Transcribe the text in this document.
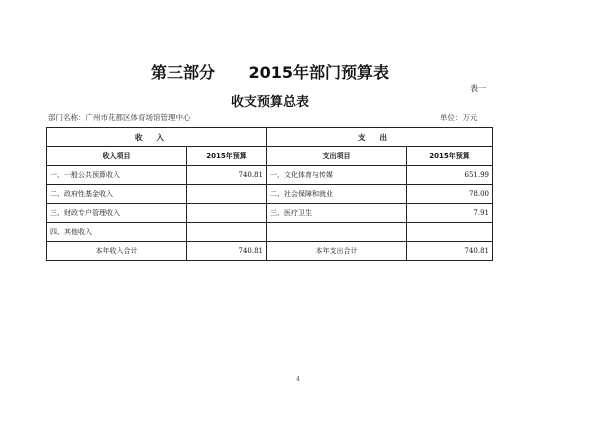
第三部分      2015年部门预算表
表一
收支预算总表
部门名称：广州市花都区体育场馆管理中心	单位：万元
收入		支出	
收入项目	2015年预算	支出项目	2015年预算
一、一般公共预算收入	740.81	一、文化体育与传媒	651.99
二、政府性基金收入		二、社会保障和就业	78.00
三、财政专户管理收入		三、医疗卫生	7.91
四、其他收入			
本年收入合计	740.81	本年支出合计	740.81
4
